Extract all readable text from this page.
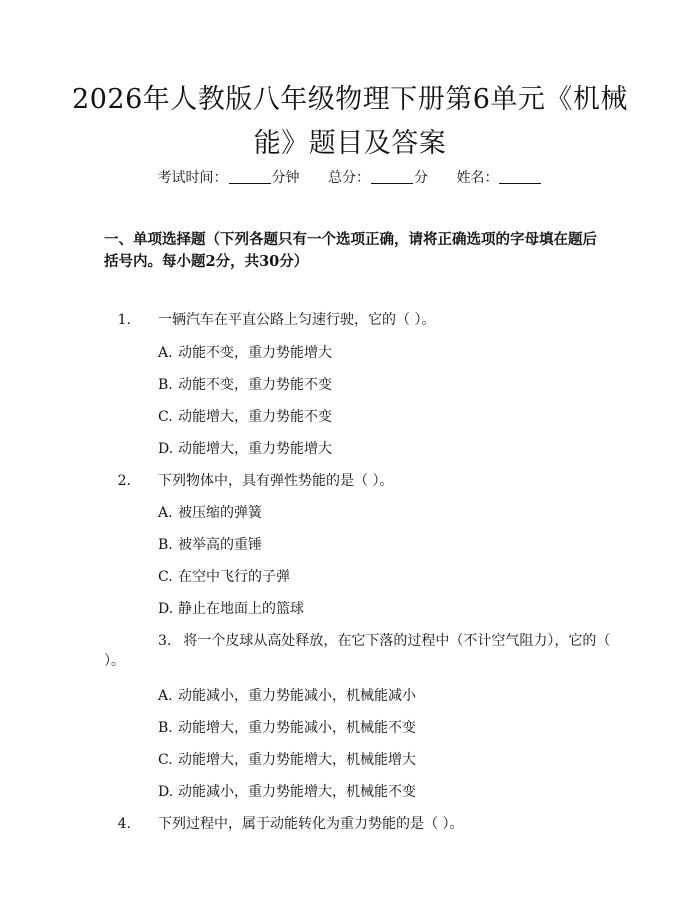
2026年人教版八年级物理下册第6单元《机械能》题目及答案
考试时间：	分钟 总分：	分 姓名：

一、单项选择题（下列各题只有一个选项正确，请将正确选项的字母填在题后括号内。每小题2分，共30分）

1. 一辆汽车在平直公路上匀速行驶，它的（ ）。
A. 动能不变，重力势能增大
B. 动能不变，重力势能不变
C. 动能增大，重力势能不变
D. 动能增大，重力势能增大
2. 下列物体中，具有弹性势能的是（ ）。
A. 被压缩的弹簧
B. 被举高的重锤
C. 在空中飞行的子弹
D. 静止在地面上的篮球
3. 将一个皮球从高处释放，在它下落的过程中（不计空气阻力），它的（ ）。
A. 动能减小，重力势能减小，机械能减小
B. 动能增大，重力势能减小，机械能不变
C. 动能增大，重力势能增大，机械能增大
D. 动能减小，重力势能增大，机械能不变
4. 下列过程中，属于动能转化为重力势能的是（ ）。
